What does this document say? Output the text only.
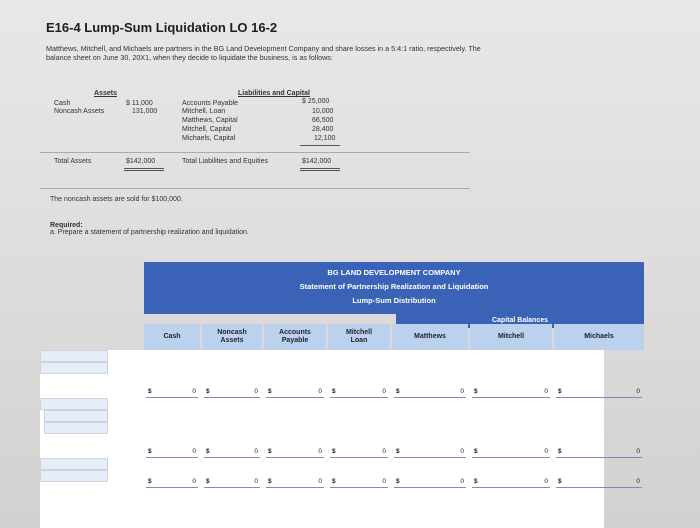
E16-4 Lump-Sum Liquidation LO 16-2
Matthews, Mitchell, and Michaels are partners in the BG Land Development Company and share losses in a 5:4:1 ratio, respectively. The balance sheet on June 30, 20X1, when they decide to liquidate the business, is as follows:
Assets	Liabilities and Capital
Cash	$ 11,000
Noncash Assets	131,000
Accounts Payable	$ 25,000
Mitchell, Loan	10,000
Matthews, Capital	66,500
Mitchell, Capital	28,400
Michaels, Capital	12,100
Total Assets	$142,000	Total Liabilities and Equities	$142,000
The noncash assets are sold for $100,000.
Required:
a. Prepare a statement of partnership realization and liquidation.
BG LAND DEVELOPMENT COMPANY
Statement of Partnership Realization and Liquidation
Lump-Sum Distribution
Capital Balances
Cash
Noncash
Assets
Accounts
Payable
Mitchell
Loan
Matthews	Mitchell	Michaels
$	0 $	0 $	0 $	0 $	0 $	0 $	0
$	0 $	0 $	0 $	0 $	0 $	0 $	0
$	0 $	0 $	0 $	0 $	0 $	0 $	0
